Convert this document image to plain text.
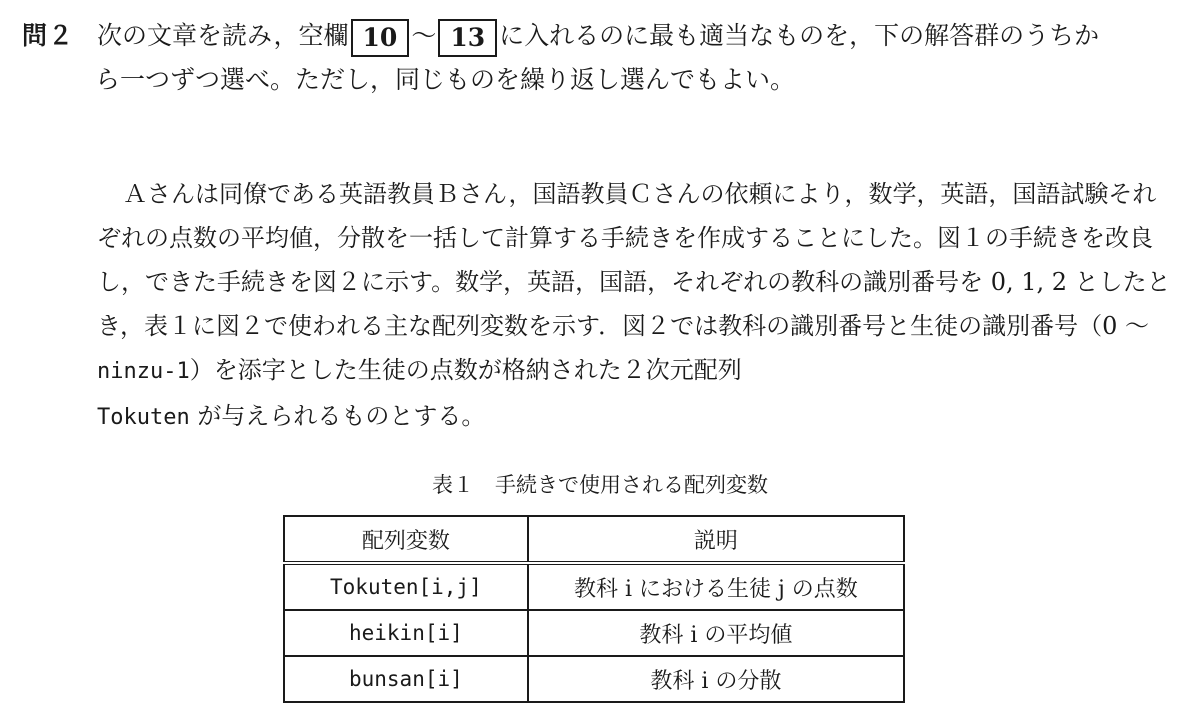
問２ 次の文章を読み，空欄 10 〜 13 に入れるのに最も適当なものを，下の解答群のうちか
ら一つずつ選べ。ただし，同じものを繰り返し選んでもよい。

Ａさんは同僚である英語教員Ｂさん，国語教員Ｃさんの依頼により，数学，英語，国語試験それぞれの点数の平均値，分散を一括して計算する手続きを作成することにした。図１の手続きを改良し，できた手続きを図２に示す。数学，英語，国語，それぞれの教科の識別番号を 0, 1, 2 としたとき，表１に図２で使われる主な配列変数を示す．図２では教科の識別番号と生徒の識別番号（0 〜 ninzu-1）を添字とした生徒の点数が格納された２次元配列
Tokuten が与えられるものとする。

表１　手続きで使用される配列変数
配列変数	説明
Tokuten[i,j]	教科 i における生徒 j の点数
heikin[i]	教科 i の平均値
bunsan[i]	教科 i の分散
